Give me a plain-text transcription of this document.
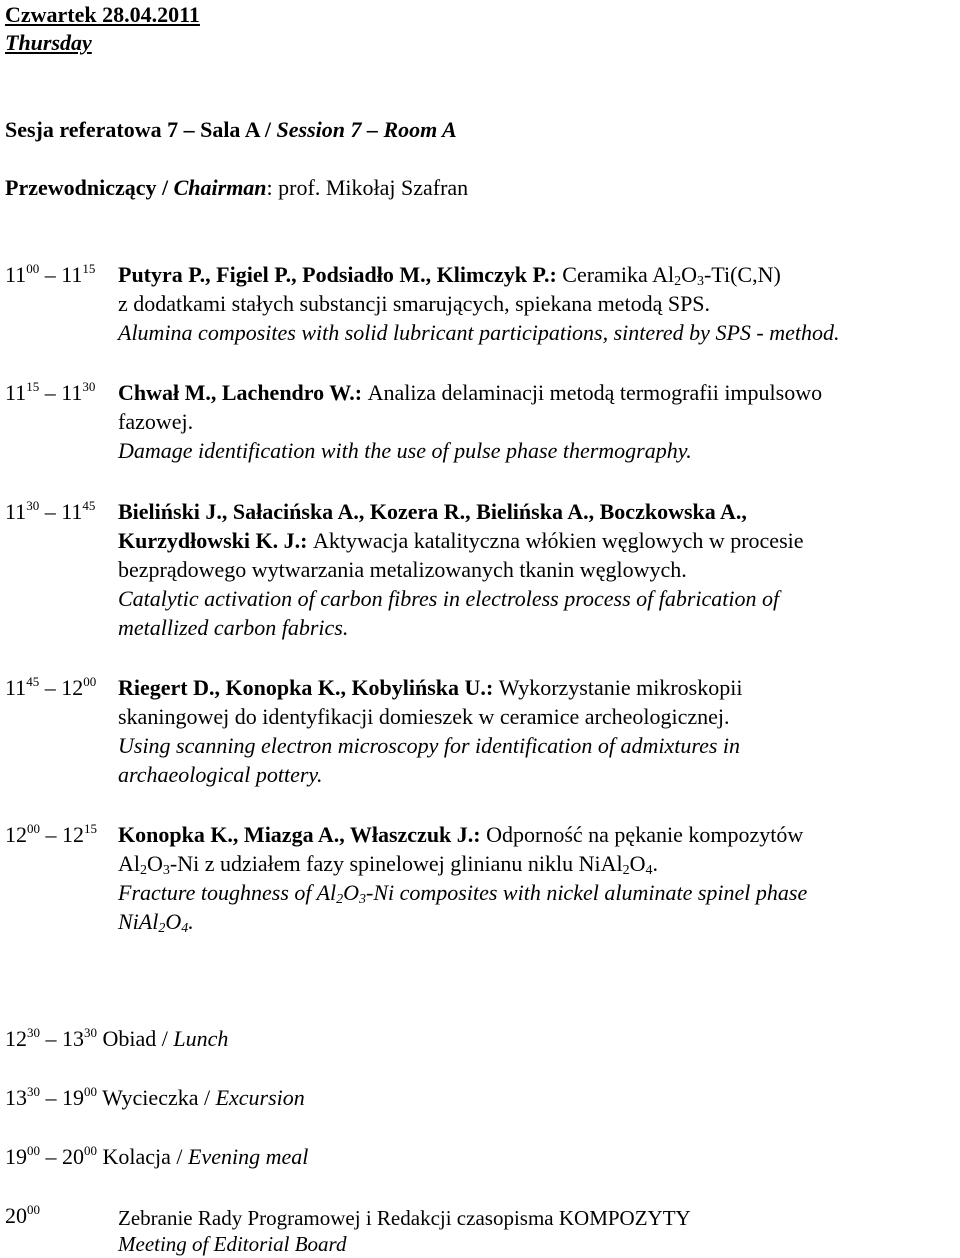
Czwartek 28.04.2011
Thursday
Sesja referatowa 7 – Sala A / Session 7 – Room A
Przewodniczący / Chairman: prof. Mikołaj Szafran
$11^{00} - 11^{15}$ Putyra P., Figiel P., Podsiadło M., Klimczyk P.: Ceramika $Al_2O_3-Ti(C,N)$
z dodatkami stałych substancji smarujących, spiekana metodą SPS.
Alumina composites with solid lubricant participations, sintered by SPS - method.
$11^{15} - 11^{30}$ Chwał M., Lachendro W.: Analiza delaminacji metodą termografii impulsowo
fazowej.
Damage identification with the use of pulse phase thermography.
$11^{30} - 11^{45}$ Bieliński J., Sałacińska A., Kozera R., Bielińska A., Boczkowska A.,
Kurzydłowski K. J.: Aktywacja katalityczna włókien węglowych w procesie
bezprądowego wytwarzania metalizowanych tkanin węglowych.
Catalytic activation of carbon fibres in electroless process of fabrication of
metallized carbon fabrics.
$11^{45} - 12^{00}$ Riegert D., Konopka K., Kobylińska U.: Wykorzystanie mikroskopii
skaningowej do identyfikacji domieszek w ceramice archeologicznej.
Using scanning electron microscopy for identification of admixtures in
archaeological pottery.
$12^{00} - 12^{15}$ Konopka K., Miazga A., Właszczuk J.: Odporność na pękanie kompozytów
$Al_2O_3-Ni$ z udziałem fazy spinelowej glinianu niklu $NiAl_2O_4$.
Fracture toughness of $Al_2O_3-Ni$ composites with nickel aluminate spinel phase
$NiAl_2O_4$.
$12^{30} - 13^{30}$ Obiad / Lunch
$13^{30} - 19^{00}$ Wycieczka / Excursion
$19^{00} - 20^{00}$ Kolacja / Evening meal
$20^{00}$	Zebranie Rady Programowej i Redakcji czasopisma KOMPOZYTY
Meeting of Editorial Board
